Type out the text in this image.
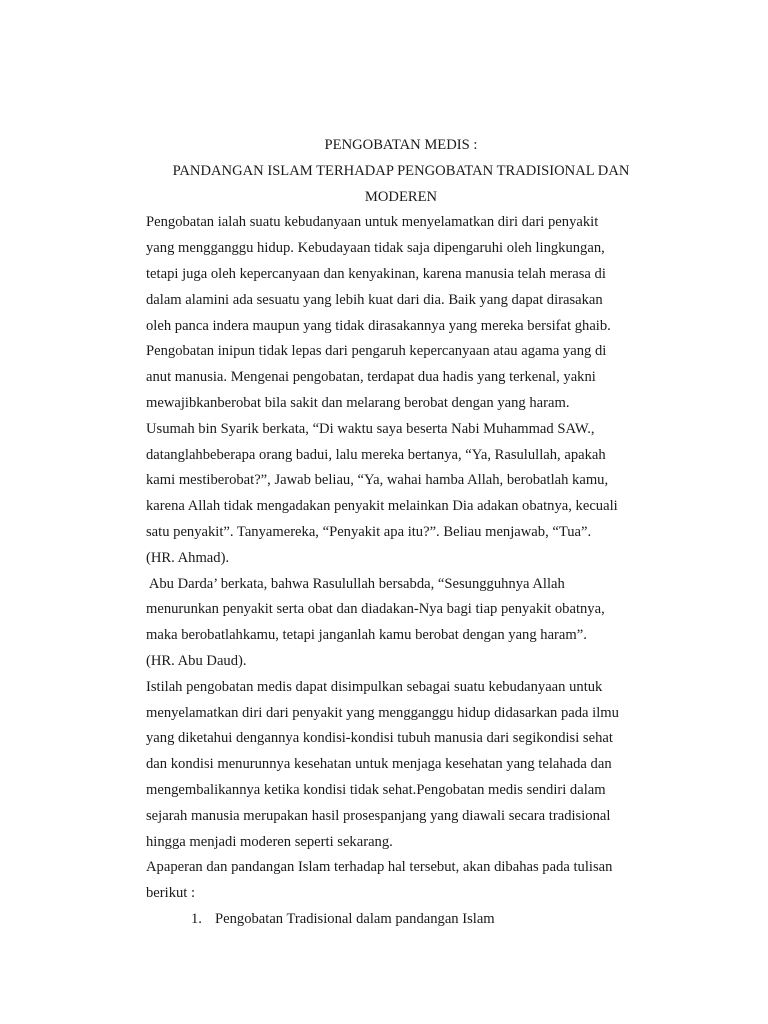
PENGOBATAN MEDIS :

PANDANGAN ISLAM TERHADAP PENGOBATAN TRADISIONAL DAN
MODEREN

Pengobatan ialah suatu kebudanyaan untuk menyelamatkan diri dari penyakit
yang mengganggu hidup. Kebudayaan tidak saja dipengaruhi oleh lingkungan,
tetapi juga oleh kepercanyaan dan kenyakinan, karena manusia telah merasa di
dalam alamini ada sesuatu yang lebih kuat dari dia. Baik yang dapat dirasakan
oleh panca indera maupun yang tidak dirasakannya yang mereka bersifat ghaib.
Pengobatan inipun tidak lepas dari pengaruh kepercanyaan atau agama yang di
anut manusia. Mengenai pengobatan, terdapat dua hadis yang terkenal, yakni
mewajibkanberobat bila sakit dan melarang berobat dengan yang haram.

Usumah bin Syarik berkata, “Di waktu saya beserta Nabi Muhammad SAW.,
datanglahbeberapa orang badui, lalu mereka bertanya, “Ya, Rasulullah, apakah
kami mestiberobat?”, Jawab beliau, “Ya, wahai hamba Allah, berobatlah kamu,
karena Allah tidak mengadakan penyakit melainkan Dia adakan obatnya, kecuali
satu penyakit”. Tanyamereka, “Penyakit apa itu?”. Beliau menjawab, “Tua”.
(HR. Ahmad).

Abu Darda’ berkata, bahwa Rasulullah bersabda, “Sesungguhnya Allah
menurunkan penyakit serta obat dan diadakan-Nya bagi tiap penyakit obatnya,
maka berobatlahkamu, tetapi janganlah kamu berobat dengan yang haram”.
(HR. Abu Daud).

Istilah pengobatan medis dapat disimpulkan sebagai suatu kebudanyaan untuk
menyelamatkan diri dari penyakit yang mengganggu hidup didasarkan pada ilmu
yang diketahui dengannya kondisi-kondisi tubuh manusia dari segikondisi sehat
dan kondisi menurunnya kesehatan untuk menjaga kesehatan yang telahada dan
mengembalikannya ketika kondisi tidak sehat.Pengobatan medis sendiri dalam
sejarah manusia merupakan hasil prosespanjang yang diawali secara tradisional
hingga menjadi moderen seperti sekarang.

Apaperan dan pandangan Islam terhadap hal tersebut, akan dibahas pada tulisan
berikut :

1. Pengobatan Tradisional dalam pandangan Islam
